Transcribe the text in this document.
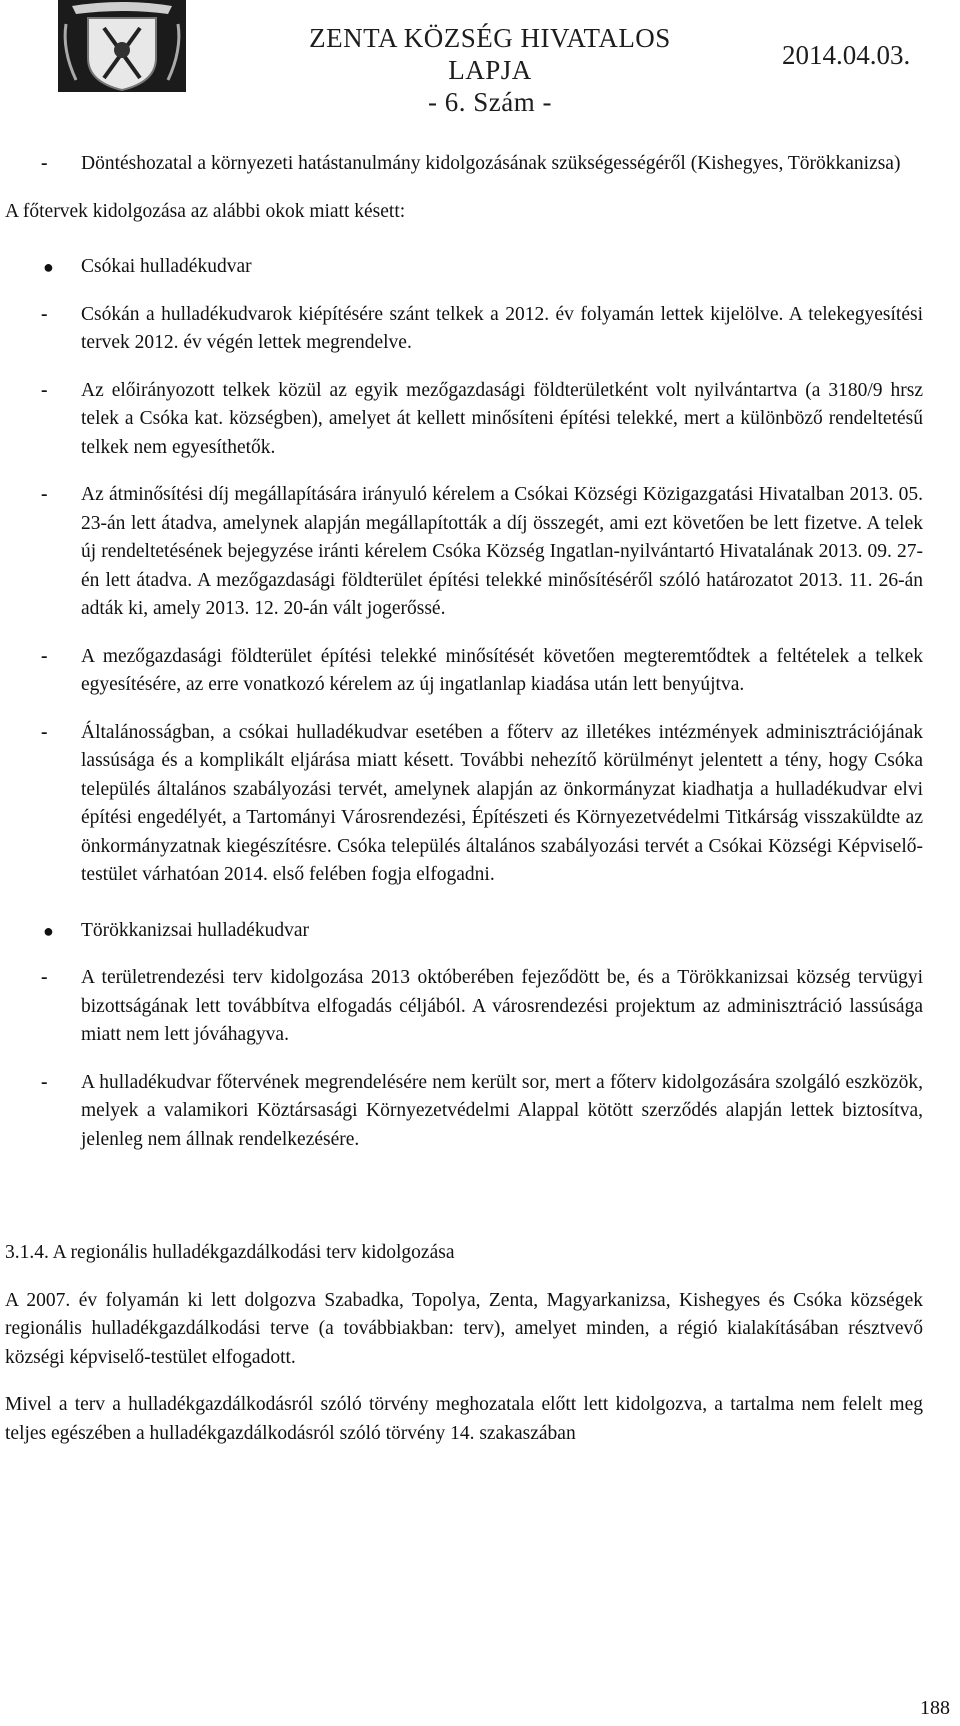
ZENTA KÖZSÉG HIVATALOS LAPJA
- 6. Szám -
2014.04.03.

- Döntéshozatal a környezeti hatástanulmány kidolgozásának szükségességéről (Kishegyes, Törökkanizsa)

A főtervek kidolgozása az alábbi okok miatt késett:

● Csókai hulladékudvar

- Csókán a hulladékudvarok kiépítésére szánt telkek a 2012. év folyamán lettek kijelölve. A telekegyesítési tervek 2012. év végén lettek megrendelve.

- Az előirányozott telkek közül az egyik mezőgazdasági földterületként volt nyilvántartva (a 3180/9 hrsz telek a Csóka kat. községben), amelyet át kellett minősíteni építési telekké, mert a különböző rendeltetésű telkek nem egyesíthetők.

- Az átminősítési díj megállapítására irányuló kérelem a Csókai Községi Közigazgatási Hivatalban 2013. 05. 23-án lett átadva, amelynek alapján megállapították a díj összegét, ami ezt követően be lett fizetve. A telek új rendeltetésének bejegyzése iránti kérelem Csóka Község Ingatlan-nyilvántartó Hivatalának 2013. 09. 27-én lett átadva. A mezőgazdasági földterület építési telekké minősítéséről szóló határozatot 2013. 11. 26-án adták ki, amely 2013. 12. 20-án vált jogerőssé.

- A mezőgazdasági földterület építési telekké minősítését követően megteremtődtek a feltételek a telkek egyesítésére, az erre vonatkozó kérelem az új ingatlanlap kiadása után lett benyújtva.

- Általánosságban, a csókai hulladékudvar esetében a főterv az illetékes intézmények adminisztrációjának lassúsága és a komplikált eljárása miatt késett. További nehezítő körülményt jelentett a tény, hogy Csóka település általános szabályozási tervét, amelynek alapján az önkormányzat kiadhatja a hulladékudvar elvi építési engedélyét, a Tartományi Városrendezési, Építészeti és Környezetvédelmi Titkárság visszaküldte az önkormányzatnak kiegészítésre. Csóka település általános szabályozási tervét a Csókai Községi Képviselő-testület várhatóan 2014. első felében fogja elfogadni.

● Törökkanizsai hulladékudvar

- A területrendezési terv kidolgozása 2013 októberében fejeződött be, és a Törökkanizsai község tervügyi bizottságának lett továbbítva elfogadás céljából. A városrendezési projektum az adminisztráció lassúsága miatt nem lett jóváhagyva.

- A hulladékudvar főtervének megrendelésére nem került sor, mert a főterv kidolgozására szolgáló eszközök, melyek a valamikori Köztársasági Környezetvédelmi Alappal kötött szerződés alapján lettek biztosítva, jelenleg nem állnak rendelkezésére.

3.1.4. A regionális hulladékgazdálkodási terv kidolgozása

A 2007. év folyamán ki lett dolgozva Szabadka, Topolya, Zenta, Magyarkanizsa, Kishegyes és Csóka községek regionális hulladékgazdálkodási terve (a továbbiakban: terv), amelyet minden, a régió kialakításában résztvevő községi képviselő-testület elfogadott.

Mivel a terv a hulladékgazdálkodásról szóló törvény meghozatala előtt lett kidolgozva, a tartalma nem felelt meg teljes egészében a hulladékgazdálkodásról szóló törvény 14. szakaszában

188
